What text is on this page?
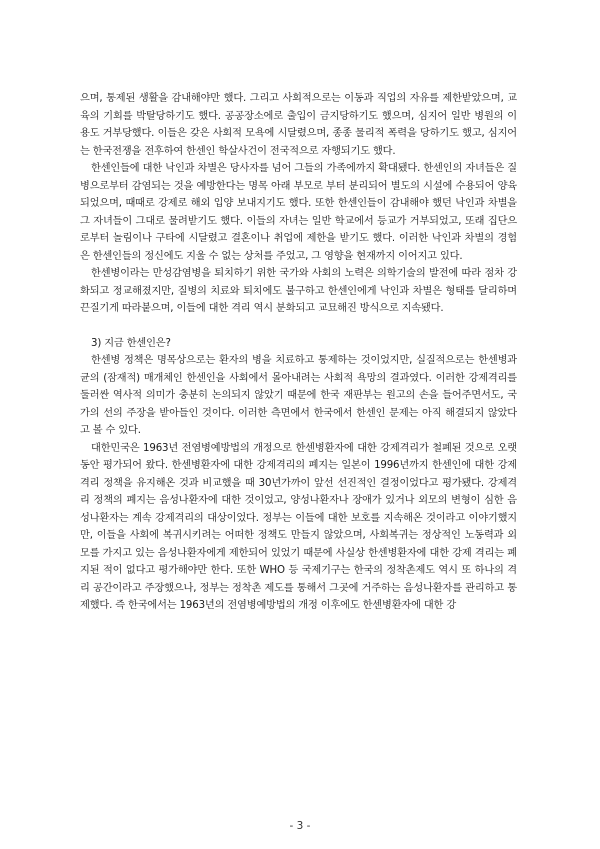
으며, 통제된 생활을 감내해야만 했다. 그리고 사회적으로는 이동과 직업의 자유를 제한받았으며, 교육의 기회를 박탈당하기도 했다. 공공장소에로 출입이 금지당하기도 했으며, 심지어 일반 병원의 이용도 거부당했다. 이들은 갖은 사회적 모욕에 시달렸으며, 종종 물리적 폭력을 당하기도 했고, 심지어는 한국전쟁을 전후하여 한센인 학살사건이 전국적으로 자행되기도 했다.

한센인들에 대한 낙인과 차별은 당사자를 넘어 그들의 가족에까지 확대됐다. 한센인의 자녀들은 질병으로부터 감염되는 것을 예방한다는 명목 아래 부모로 부터 분리되어 별도의 시설에 수용되어 양육되었으며, 때때로 강제로 해외 입양 보내지기도 했다. 또한 한센인들이 감내해야 했던 낙인과 차별을 그 자녀들이 그대로 물려받기도 했다. 이들의 자녀는 일반 학교에서 등교가 거부되었고, 또래 집단으로부터 놀림이나 구타에 시달렸고 결혼이나 취업에 제한을 받기도 했다. 이러한 낙인과 차별의 경험은 한센인들의 정신에도 지울 수 없는 상처를 주었고, 그 영향을 현재까지 이어지고 있다.

한센병이라는 만성감염병을 퇴치하기 위한 국가와 사회의 노력은 의학기술의 발전에 따라 점차 강화되고 정교해졌지만, 질병의 치료와 퇴치에도 불구하고 한센인에게 낙인과 차별은 형태를 달리하며 끈질기게 따라붙으며, 이들에 대한 격리 역시 분화되고 교묘해진 방식으로 지속됐다.

3) 지금 한센인은?

한센병 정책은 명목상으로는 환자의 병을 치료하고 통제하는 것이었지만, 실질적으로는 한센병과 균의 (잠재적) 매개체인 한센인을 사회에서 몰아내려는 사회적 욕망의 결과였다. 이러한 강제격리를 둘러싼 역사적 의미가 충분히 논의되지 않았기 때문에 한국 재판부는 원고의 손을 들어주면서도, 국가의 선의 주장을 받아들인 것이다. 이러한 측면에서 한국에서 한센인 문제는 아직 해결되지 않았다고 볼 수 있다.

대한민국은 1963년 전염병예방법의 개정으로 한센병환자에 대한 강제격리가 철폐된 것으로 오랫동안 평가되어 왔다. 한센병환자에 대한 강제격리의 폐지는 일본이 1996년까지 한센인에 대한 강제격리 정책을 유지해온 것과 비교했을 때 30년가까이 앞선 선진적인 결정이었다고 평가됐다. 강제격리 정책의 폐지는 음성나환자에 대한 것이었고, 양성나환자나 장애가 있거나 외모의 변형이 심한 음성나환자는 계속 강제격리의 대상이었다. 정부는 이들에 대한 보호를 지속해온 것이라고 이야기했지만, 이들을 사회에 복귀시키려는 어떠한 정책도 만들지 않았으며, 사회복귀는 정상적인 노동력과 외모를 가지고 있는 음성나환자에게 제한되어 있었기 때문에 사실상 한센병환자에 대한 강제 격리는 폐지된 적이 없다고 평가해야만 한다. 또한 WHO 등 국제기구는 한국의 정착촌제도 역시 또 하나의 격리 공간이라고 주장했으나, 정부는 정착촌 제도를 통해서 그곳에 거주하는 음성나환자를 관리하고 통제했다. 즉 한국에서는 1963년의 전염병예방법의 개정 이후에도 한센병환자에 대한 강

- 3 -
